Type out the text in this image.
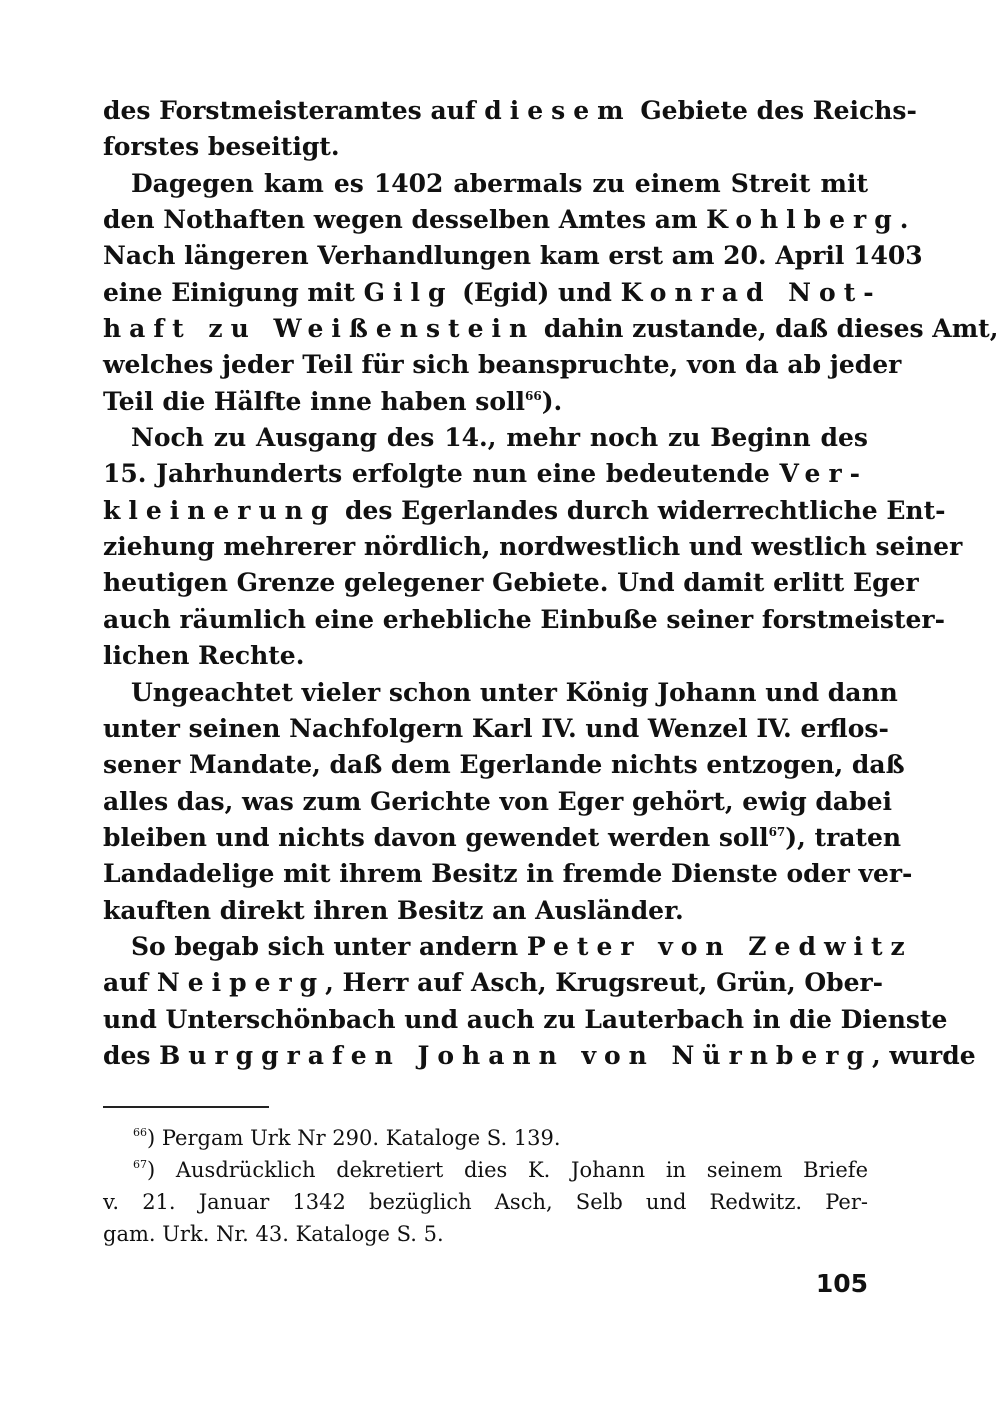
des Forstmeisteramtes auf diesem Gebiete des Reichs-
forstes beseitigt.
Dagegen kam es 1402 abermals zu einem Streit mit
den Nothaften wegen desselben Amtes am Kohlberg.
Nach längeren Verhandlungen kam erst am 20. April 1403
eine Einigung mit Gilg (Egid) und Konrad Not-
haft zu Weißenstein dahin zustande, daß dieses Amt,
welches jeder Teil für sich beanspruchte, von da ab jeder
Teil die Hälfte inne haben soll$^{66}$).
Noch zu Ausgang des 14., mehr noch zu Beginn des
15. Jahrhunderts erfolgte nun eine bedeutende Ver-
kleinerung des Egerlandes durch widerrechtliche Ent-
ziehung mehrerer nördlich, nordwestlich und westlich seiner
heutigen Grenze gelegener Gebiete. Und damit erlitt Eger
auch räumlich eine erhebliche Einbuße seiner forstmeister-
lichen Rechte.
Ungeachtet vieler schon unter König Johann und dann
unter seinen Nachfolgern Karl IV. und Wenzel IV. erflos-
sener Mandate, daß dem Egerlande nichts entzogen, daß
alles das, was zum Gerichte von Eger gehört, ewig dabei
bleiben und nichts davon gewendet werden soll$^{67}$), traten
Landadelige mit ihrem Besitz in fremde Dienste oder ver-
kauften direkt ihren Besitz an Ausländer.
So begab sich unter andern Peter von Zedwitz
auf Neiperg, Herr auf Asch, Krugsreut, Grün, Ober-
und Unterschönbach und auch zu Lauterbach in die Dienste
des Burggrafen Johann von Nürnberg, wurde
$^{66}$) Pergam Urk Nr 290. Kataloge S. 139.
$^{67}$) Ausdrücklich dekretiert dies K. Johann in seinem Briefe
v. 21. Januar 1342 bezüglich Asch, Selb und Redwitz. Per-
gam. Urk. Nr. 43. Kataloge S. 5.
105
